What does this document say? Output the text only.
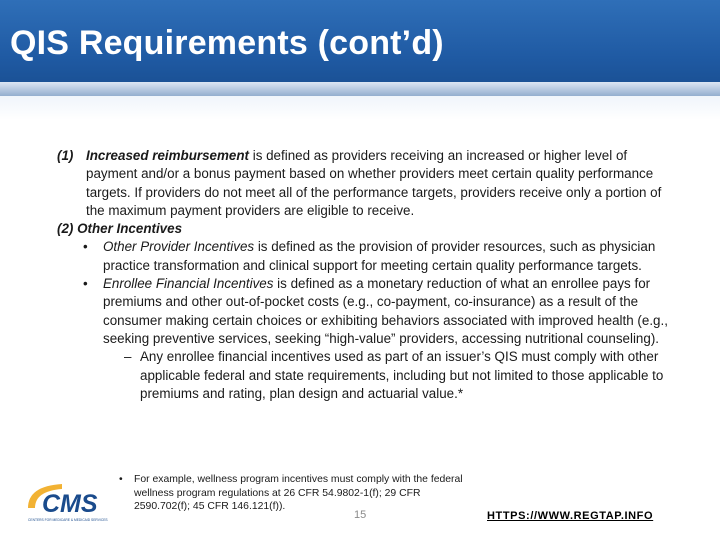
QIS Requirements (cont’d)
(1) Increased reimbursement is defined as providers receiving an increased or higher level of payment and/or a bonus payment based on whether providers meet certain quality performance targets. If providers do not meet all of the performance targets, providers receive only a portion of the maximum payment providers are eligible to receive.

(2) Other Incentives

•	Other Provider Incentives is defined as the provision of provider resources, such as physician practice transformation and clinical support for meeting certain quality performance targets.
•	Enrollee Financial Incentives is defined as a monetary reduction of what an enrollee pays for premiums and other out-of-pocket costs (e.g., co-payment, co-insurance) as a result of the consumer making certain choices or exhibiting behaviors associated with improved health (e.g., seeking preventive services, seeking “high-value” providers, accessing nutritional counseling).
– Any enrollee financial incentives used as part of an issuer’s QIS must comply with other applicable federal and state requirements, including but not limited to those applicable to premiums and rating, plan design and actuarial value.*
•	For example, wellness program incentives must comply with the federal wellness program regulations at 26 CFR 54.9802-1(f); 29 CFR 2590.702(f); 45 CFR 146.121(f)).
CMS
CENTERS FOR MEDICARE & MEDICAID SERVICES	15	HTTPS://WWW.REGTAP.INFO
